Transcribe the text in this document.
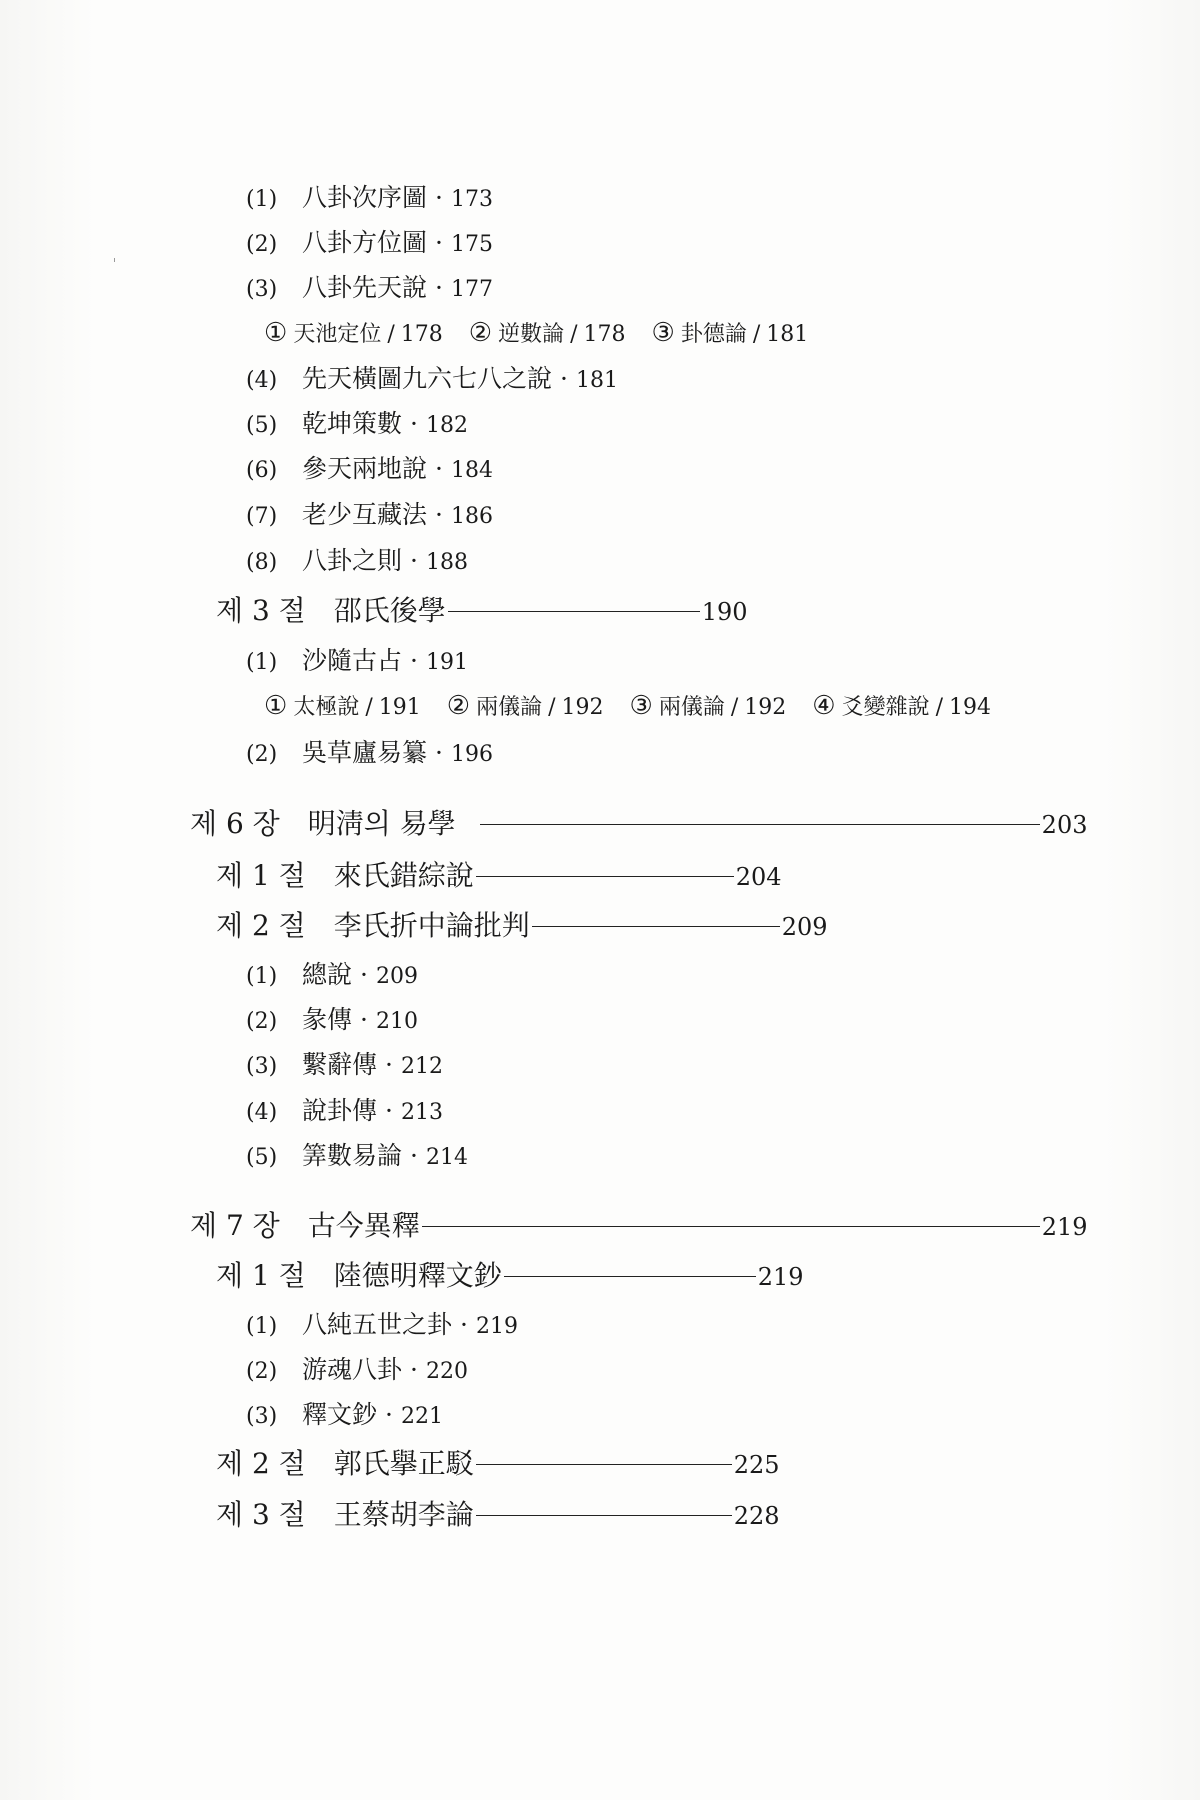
(1) 八卦次序圖 · 173
(2) 八卦方位圖 · 175
(3) 八卦先天說 · 177
① 天池定位 / 178 ② 逆數論 / 178 ③ 卦德論 / 181
(4) 先天橫圖九六七八之說 · 181
(5) 乾坤策數 · 182
(6) 參天兩地說 · 184
(7) 老少互藏法 · 186
(8) 八卦之則 · 188
제 3 절 邵氏後學	190
(1) 沙隨古占 · 191
① 太極說 / 191 ② 兩儀論 / 192 ③ 兩儀論 / 192 ④ 爻變雜說 / 194
(2) 吳草廬易纂 · 196
제 6 장 明淸의 易學	203
제 1 절 來氏錯綜說	204
제 2 절 李氏折中論批判	209
(1) 總說 · 209
(2) 彖傳 · 210
(3) 繫辭傳 · 212
(4) 說卦傳 · 213
(5) 筭數易論 · 214
제 7 장 古今異釋	219
제 1 절 陸德明釋文鈔	219
(1) 八純五世之卦 · 219
(2) 游魂八卦 · 220
(3) 釋文鈔 · 221
제 2 절 郭氏擧正駁	225
제 3 절 王蔡胡李論	228
